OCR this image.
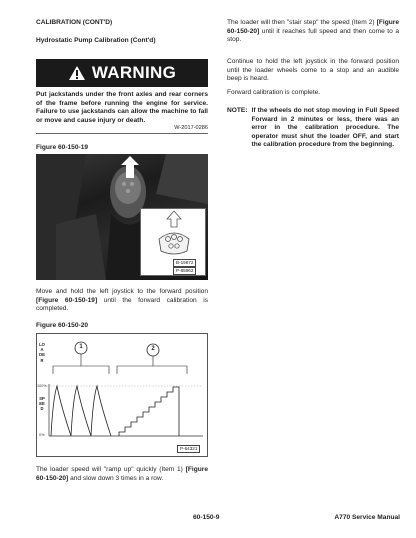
CALIBRATION (CONT'D)
Hydrostatic Pump Calibration (Cont'd)
WARNING
Put jackstands under the front axles and rear corners of the frame before running the engine for service. Failure to use jackstands can allow the machine to fall or move and cause injury or death.
W-2017-0286
Figure 60-150-19
B-19872
P-85962
Move and hold the left joystick to the forward position [Figure 60-150-19] until the forward calibration is completed.
Figure 60-150-20
LOADER
SPEED
100%
0%
1	2
P-64321
The loader speed will "ramp up" quickly (Item 1) [Figure 60-150-20] and slow down 3 times in a row.
The loader will then "stair step" the speed (Item 2) [Figure 60-150-20] until it reaches full speed and then come to a stop.
Continue to hold the left joystick in the forward position until the loader wheels come to a stop and an audible beep is heard.
Forward calibration is complete.
NOTE: If the wheels do not stop moving in Full Speed Forward in 2 minutes or less, there was an error in the calibration procedure. The operator must shut the loader OFF, and start the calibration procedure from the beginning.
60-150-9	A770 Service Manual
